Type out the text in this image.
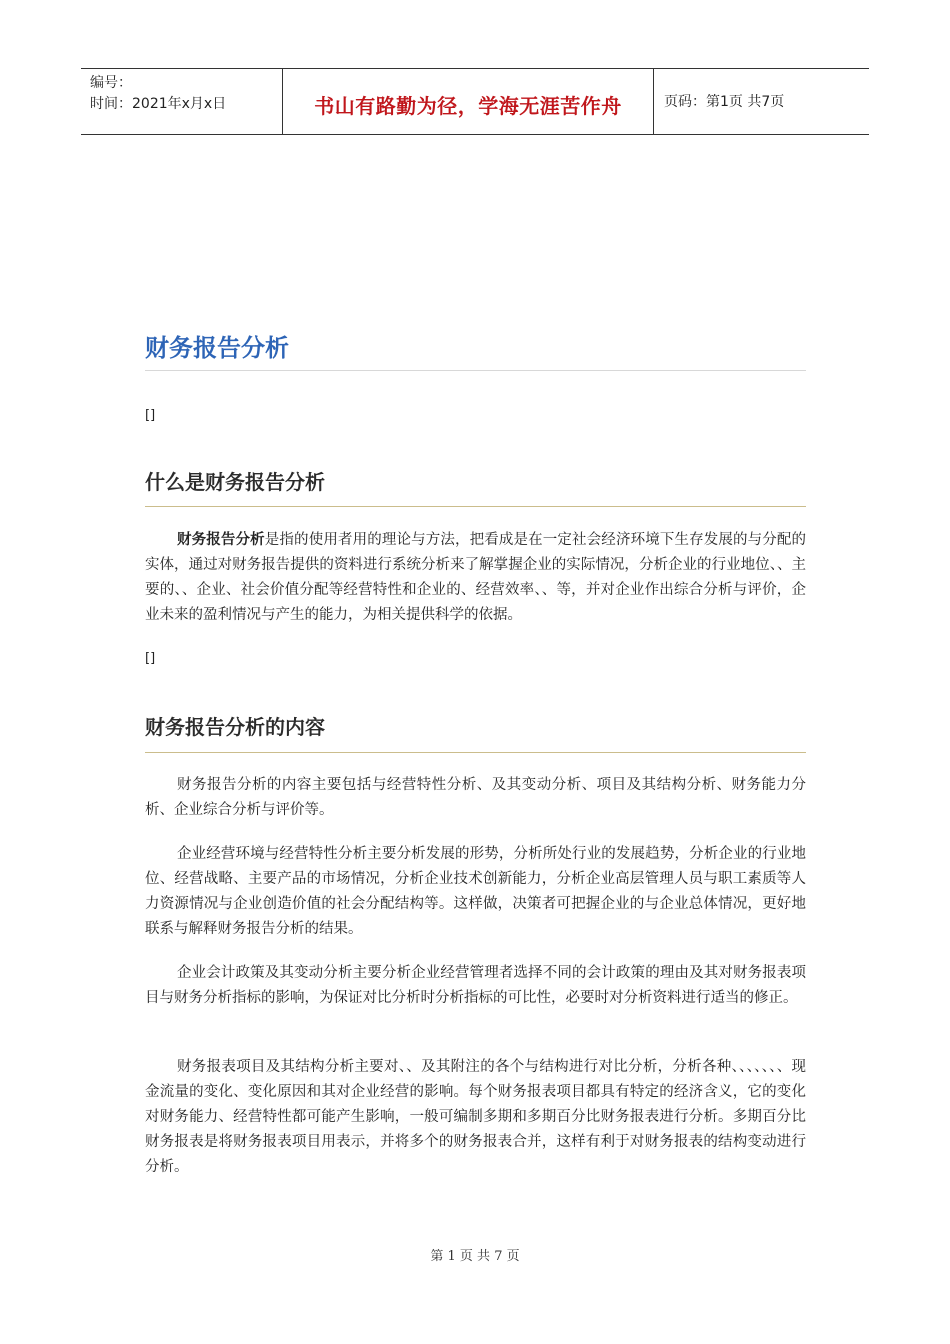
编号：
时间：2021年x月x日	书山有路勤为径，学海无涯苦作舟	页码：第1页 共7页
财务报告分析
[]
什么是财务报告分析

财务报告分析是指的使用者用的理论与方法，把看成是在一定社会经济环境下生存发展的与分配的实体，通过对财务报告提供的资料进行系统分析来了解掌握企业的实际情况，分析企业的行业地位、、主要的、、企业、社会价值分配等经营特性和企业的、经营效率、、等，并对企业作出综合分析与评价，企业未来的盈利情况与产生的能力，为相关提供科学的依据。

[]
财务报告分析的内容

财务报告分析的内容主要包括与经营特性分析、及其变动分析、项目及其结构分析、财务能力分析、企业综合分析与评价等。

企业经营环境与经营特性分析主要分析发展的形势，分析所处行业的发展趋势，分析企业的行业地位、经营战略、主要产品的市场情况，分析企业技术创新能力，分析企业高层管理人员与职工素质等人力资源情况与企业创造价值的社会分配结构等。这样做，决策者可把握企业的与企业总体情况，更好地联系与解释财务报告分析的结果。

企业会计政策及其变动分析主要分析企业经营管理者选择不同的会计政策的理由及其对财务报表项目与财务分析指标的影响，为保证对比分析时分析指标的可比性，必要时对分析资料进行适当的修正。

财务报表项目及其结构分析主要对、、及其附注的各个与结构进行对比分析，分析各种、、、、、、、现金流量的变化、变化原因和其对企业经营的影响。每个财务报表项目都具有特定的经济含义，它的变化对财务能力、经营特性都可能产生影响，一般可编制多期和多期百分比财务报表进行分析。多期百分比财务报表是将财务报表项目用表示，并将多个的财务报表合并，这样有利于对财务报表的结构变动进行分析。

第 1 页 共 7 页
